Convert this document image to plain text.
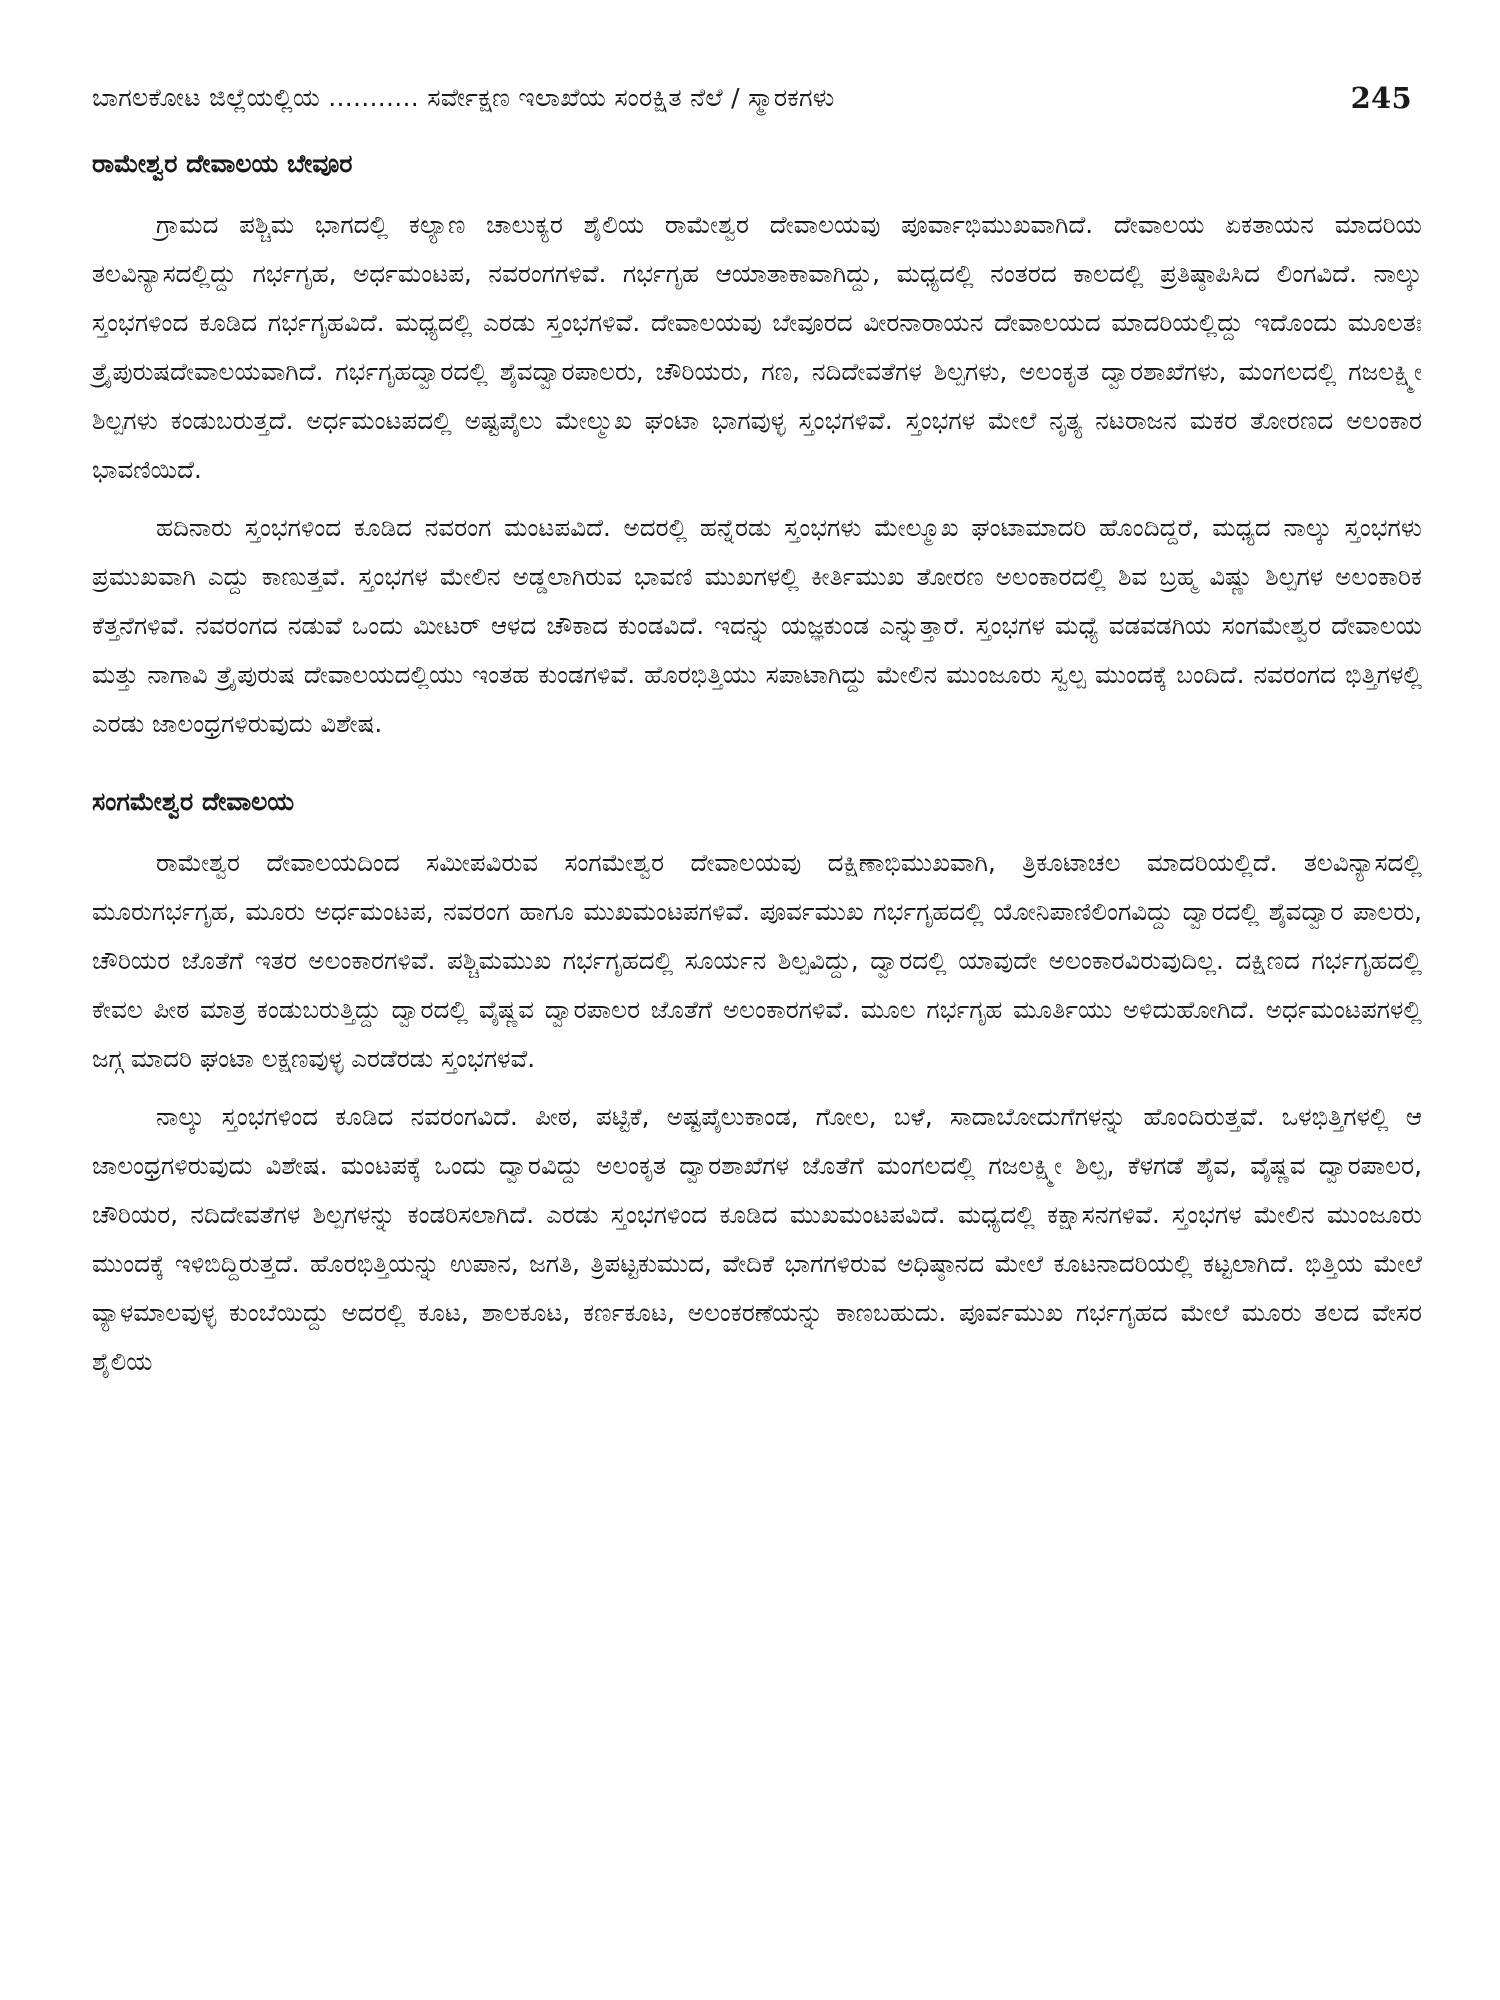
ಬಾಗಲಕೋಟ ಜಿಲ್ಲೆಯಲ್ಲಿಯ ........... ಸರ್ವೇಕ್ಷಣ ಇಲಾಖೆಯ ಸಂರಕ್ಷಿತ ನೆಲೆ / ಸ್ಮಾರಕಗಳು	245
ರಾಮೇಶ್ವರ ದೇವಾಲಯ ಬೇವೂರ

ಗ್ರಾಮದ ಪಶ್ಚಿಮ ಭಾಗದಲ್ಲಿ ಕಲ್ಯಾಣ ಚಾಲುಕ್ಯರ ಶೈಲಿಯ ರಾಮೇಶ್ವರ ದೇವಾಲಯವು ಪೂರ್ವಾಭಿಮುಖವಾಗಿದೆ. ದೇವಾಲಯ ಏಕತಾಯನ ಮಾದರಿಯ ತಲವಿನ್ಯಾಸದಲ್ಲಿದ್ದು ಗರ್ಭಗೃಹ, ಅರ್ಧಮಂಟಪ, ನವರಂಗಗಳಿವೆ. ಗರ್ಭಗೃಹ ಆಯಾತಾಕಾವಾಗಿದ್ದು, ಮಧ್ಯದಲ್ಲಿ ನಂತರದ ಕಾಲದಲ್ಲಿ ಪ್ರತಿಷ್ಠಾಪಿಸಿದ ಲಿಂಗವಿದೆ. ನಾಲ್ಕು ಸ್ತಂಭಗಳಿಂದ ಕೂಡಿದ ಗರ್ಭಗೃಹವಿದೆ. ಮಧ್ಯದಲ್ಲಿ ಎರಡು ಸ್ತಂಭಗಳಿವೆ. ದೇವಾಲಯವು ಬೇವೂರದ ವೀರನಾರಾಯನ ದೇವಾಲಯದ ಮಾದರಿಯಲ್ಲಿದ್ದು ಇದೊಂದು ಮೂಲತಃ ತ್ರೈಪುರುಷದೇವಾಲಯವಾಗಿದೆ. ಗರ್ಭಗೃಹದ್ವಾರದಲ್ಲಿ ಶೈವದ್ವಾರಪಾಲರು, ಚೌರಿಯರು, ಗಣ, ನದಿದೇವತೆಗಳ ಶಿಲ್ಪಗಳು, ಅಲಂಕೃತ ದ್ವಾರಶಾಖೆಗಳು, ಮಂಗಲದಲ್ಲಿ ಗಜಲಕ್ಷ್ಮೀ ಶಿಲ್ಪಗಳು ಕಂಡುಬರುತ್ತದೆ. ಅರ್ಧಮಂಟಪದಲ್ಲಿ ಅಷ್ಟಪೈಲು ಮೇಲ್ಮುಖ ಘಂಟಾ ಭಾಗವುಳ್ಳ ಸ್ತಂಭಗಳಿವೆ. ಸ್ತಂಭಗಳ ಮೇಲೆ ನೃತ್ಯ ನಟರಾಜನ ಮಕರ ತೋರಣದ ಅಲಂಕಾರ ಭಾವಣಿಯಿದೆ.

ಹದಿನಾರು ಸ್ತಂಭಗಳಿಂದ ಕೂಡಿದ ನವರಂಗ ಮಂಟಪವಿದೆ. ಅದರಲ್ಲಿ ಹನ್ನೆರಡು ಸ್ತಂಭಗಳು ಮೇಲ್ಮೂಖ ಘಂಟಾಮಾದರಿ ಹೊಂದಿದ್ದರೆ, ಮಧ್ಯದ ನಾಲ್ಕು ಸ್ತಂಭಗಳು ಪ್ರಮುಖವಾಗಿ ಎದ್ದು ಕಾಣುತ್ತವೆ. ಸ್ತಂಭಗಳ ಮೇಲಿನ ಅಡ್ಡಲಾಗಿರುವ ಭಾವಣಿ ಮುಖಗಳಲ್ಲಿ ಕೀರ್ತಿಮುಖ ತೋರಣ ಅಲಂಕಾರದಲ್ಲಿ ಶಿವ ಬ್ರಹ್ಮ ವಿಷ್ಣು ಶಿಲ್ಪಗಳ ಅಲಂಕಾರಿಕ ಕೆತ್ತನೆಗಳಿವೆ. ನವರಂಗದ ನಡುವೆ ಒಂದು ಮೀಟರ್ ಆಳದ ಚೌಕಾದ ಕುಂಡವಿದೆ. ಇದನ್ನು ಯಜ್ಞಕುಂಡ ಎನ್ನುತ್ತಾರೆ. ಸ್ತಂಭಗಳ ಮಧ್ಯೆ ವಡವಡಗಿಯ ಸಂಗಮೇಶ್ವರ ದೇವಾಲಯ ಮತ್ತು ನಾಗಾವಿ ತ್ರೈಪುರುಷ ದೇವಾಲಯದಲ್ಲಿಯು ಇಂತಹ ಕುಂಡಗಳಿವೆ. ಹೊರಭಿತ್ತಿಯು ಸಪಾಟಾಗಿದ್ದು ಮೇಲಿನ ಮುಂಜೂರು ಸ್ವಲ್ಪ ಮುಂದಕ್ಕೆ ಬಂದಿದೆ. ನವರಂಗದ ಭಿತ್ತಿಗಳಲ್ಲಿ ಎರಡು ಜಾಲಂಧ್ರಗಳಿರುವುದು ವಿಶೇಷ.

ಸಂಗಮೇಶ್ವರ ದೇವಾಲಯ

ರಾಮೇಶ್ವರ ದೇವಾಲಯದಿಂದ ಸಮೀಪವಿರುವ ಸಂಗಮೇಶ್ವರ ದೇವಾಲಯವು ದಕ್ಷಿಣಾಭಿಮುಖವಾಗಿ, ತ್ರಿಕೂಟಾಚಲ ಮಾದರಿಯಲ್ಲಿದೆ. ತಲವಿನ್ಯಾಸದಲ್ಲಿ ಮೂರುಗರ್ಭಗೃಹ, ಮೂರು ಅರ್ಧಮಂಟಪ, ನವರಂಗ ಹಾಗೂ ಮುಖಮಂಟಪಗಳಿವೆ. ಪೂರ್ವಮುಖ ಗರ್ಭಗೃಹದಲ್ಲಿ ಯೋನಿಪಾಣಿಲಿಂಗವಿದ್ದು ದ್ವಾರದಲ್ಲಿ ಶೈವದ್ವಾರ ಪಾಲರು, ಚೌರಿಯರ ಜೊತೆಗೆ ಇತರ ಅಲಂಕಾರಗಳಿವೆ. ಪಶ್ಚಿಮಮುಖ ಗರ್ಭಗೃಹದಲ್ಲಿ ಸೂರ್ಯನ ಶಿಲ್ಪವಿದ್ದು, ದ್ವಾರದಲ್ಲಿ ಯಾವುದೇ ಅಲಂಕಾರವಿರುವುದಿಲ್ಲ. ದಕ್ಷಿಣದ ಗರ್ಭಗೃಹದಲ್ಲಿ ಕೇವಲ ಪೀಠ ಮಾತ್ರ ಕಂಡುಬರುತ್ತಿದ್ದು ದ್ವಾರದಲ್ಲಿ ವೈಷ್ಣವ ದ್ವಾರಪಾಲರ ಜೊತೆಗೆ ಅಲಂಕಾರಗಳಿವೆ. ಮೂಲ ಗರ್ಭಗೃಹ ಮೂರ್ತಿಯು ಅಳಿದುಹೋಗಿದೆ. ಅರ್ಧಮಂಟಪಗಳಲ್ಲಿ ಜಗ್ಗ ಮಾದರಿ ಘಂಟಾ ಲಕ್ಷಣವುಳ್ಳ ಎರಡೆರಡು ಸ್ತಂಭಗಳವೆ.

ನಾಲ್ಕು ಸ್ತಂಭಗಳಿಂದ ಕೂಡಿದ ನವರಂಗವಿದೆ. ಪೀಠ, ಪಟ್ಟಿಕೆ, ಅಷ್ಟಪೈಲುಕಾಂಡ, ಗೋಲ, ಬಳೆ, ಸಾದಾಬೋದುಗೆಗಳನ್ನು ಹೊಂದಿರುತ್ತವೆ. ಒಳಭಿತ್ತಿಗಳಲ್ಲಿ ಆ ಜಾಲಂಧ್ರಗಳಿರುವುದು ವಿಶೇಷ. ಮಂಟಪಕ್ಕೆ ಒಂದು ದ್ವಾರವಿದ್ದು ಅಲಂಕೃತ ದ್ವಾರಶಾಖೆಗಳ ಜೊತೆಗೆ ಮಂಗಲದಲ್ಲಿ ಗಜಲಕ್ಷ್ಮೀ ಶಿಲ್ಪ, ಕೆಳಗಡೆ ಶೈವ, ವೈಷ್ಣವ ದ್ವಾರಪಾಲರ, ಚೌರಿಯರ, ನದಿದೇವತೆಗಳ ಶಿಲ್ಪಗಳನ್ನು ಕಂಡರಿಸಲಾಗಿದೆ. ಎರಡು ಸ್ತಂಭಗಳಿಂದ ಕೂಡಿದ ಮುಖಮಂಟಪವಿದೆ. ಮಧ್ಯದಲ್ಲಿ ಕಕ್ಷಾಸನಗಳಿವೆ. ಸ್ತಂಭಗಳ ಮೇಲಿನ ಮುಂಜೂರು ಮುಂದಕ್ಕೆ ಇಳಿಬಿದ್ದಿರುತ್ತದೆ. ಹೊರಭಿತ್ತಿಯನ್ನು ಉಪಾನ, ಜಗತಿ, ತ್ರಿಪಟ್ಟಕುಮುದ, ವೇದಿಕೆ ಭಾಗಗಳಿರುವ ಅಧಿಷ್ಠಾನದ ಮೇಲೆ ಕೂಟನಾದರಿಯಲ್ಲಿ ಕಟ್ಟಲಾಗಿದೆ. ಭಿತ್ತಿಯ ಮೇಲೆ ವ್ಯಾಳಮಾಲವುಳ್ಳ ಕುಂಬೆಯಿದ್ದು ಅದರಲ್ಲಿ ಕೂಟ, ಶಾಲಕೂಟ, ಕರ್ಣಕೂಟ, ಅಲಂಕರಣೆಯನ್ನು ಕಾಣಬಹುದು. ಪೂರ್ವಮುಖ ಗರ್ಭಗೃಹದ ಮೇಲೆ ಮೂರು ತಲದ ವೇಸರ ಶೈಲಿಯ
